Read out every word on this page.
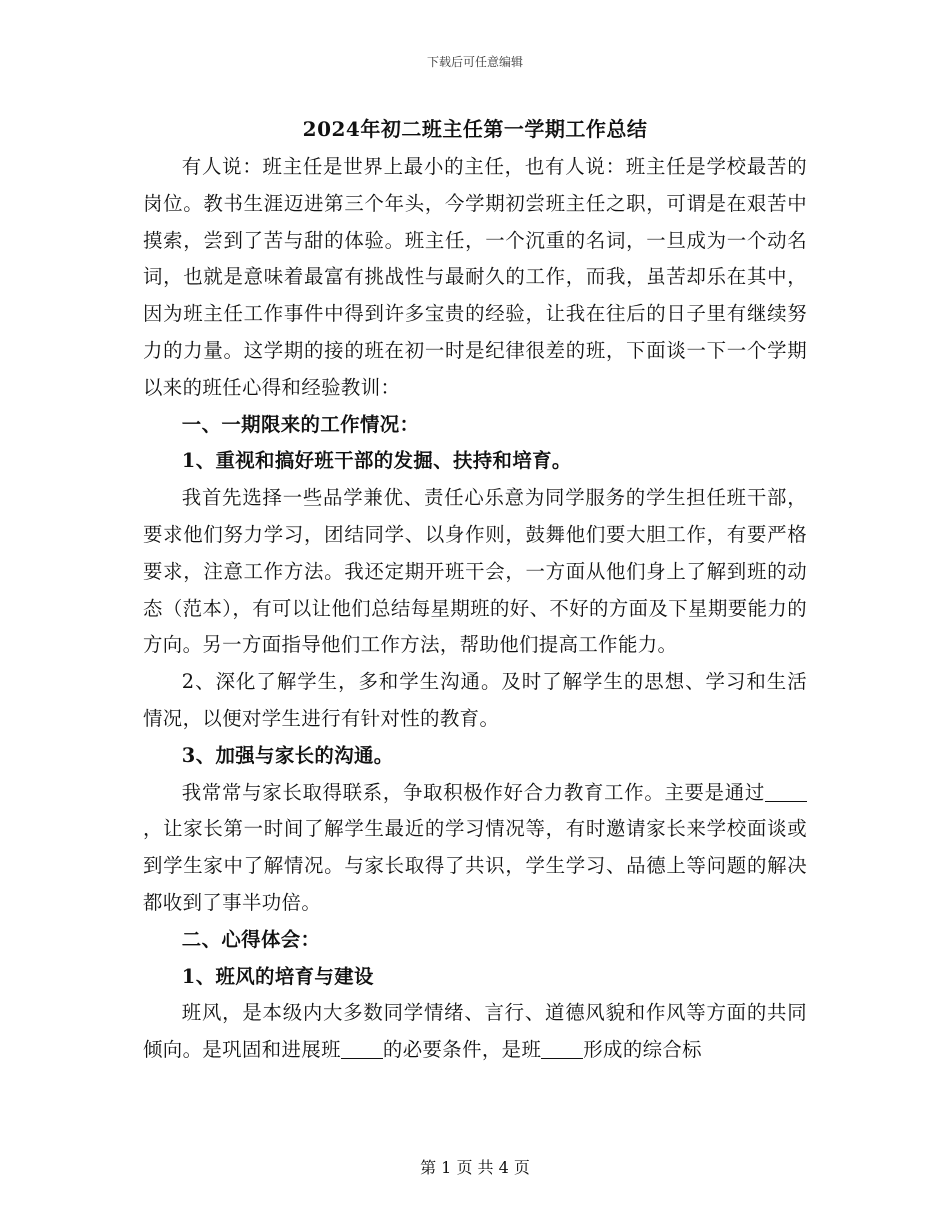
下载后可任意编辑
2024年初二班主任第一学期工作总结

有人说：班主任是世界上最小的主任，也有人说：班主任是学校最苦的岗位。教书生涯迈进第三个年头，今学期初尝班主任之职，可谓是在艰苦中摸索，尝到了苦与甜的体验。班主任，一个沉重的名词，一旦成为一个动名词，也就是意味着最富有挑战性与最耐久的工作，而我，虽苦却乐在其中，因为班主任工作事件中得到许多宝贵的经验，让我在往后的日子里有继续努力的力量。这学期的接的班在初一时是纪律很差的班，下面谈一下一个学期以来的班任心得和经验教训：

一、一期限来的工作情况：

1、重视和搞好班干部的发掘、扶持和培育。

我首先选择一些品学兼优、责任心乐意为同学服务的学生担任班干部，要求他们努力学习，团结同学、以身作则，鼓舞他们要大胆工作，有要严格要求，注意工作方法。我还定期开班干会，一方面从他们身上了解到班的动态（范本），有可以让他们总结每星期班的好、不好的方面及下星期要能力的方向。另一方面指导他们工作方法，帮助他们提高工作能力。

2、深化了解学生，多和学生沟通。及时了解学生的思想、学习和生活情况，以便对学生进行有针对性的教育。

3、加强与家长的沟通。

我常常与家长取得联系，争取积极作好合力教育工作。主要是通过，让家长第一时间了解学生最近的学习情况等，有时邀请家长来学校面谈或到学生家中了解情况。与家长取得了共识，学生学习、品德上等问题的解决都收到了事半功倍。

二、心得体会：

1、班风的培育与建设

班风，是本级内大多数同学情绪、言行、道德风貌和作风等方面的共同倾向。是巩固和进展班 的必要条件，是班 形成的综合标

第 1 页 共 4 页
